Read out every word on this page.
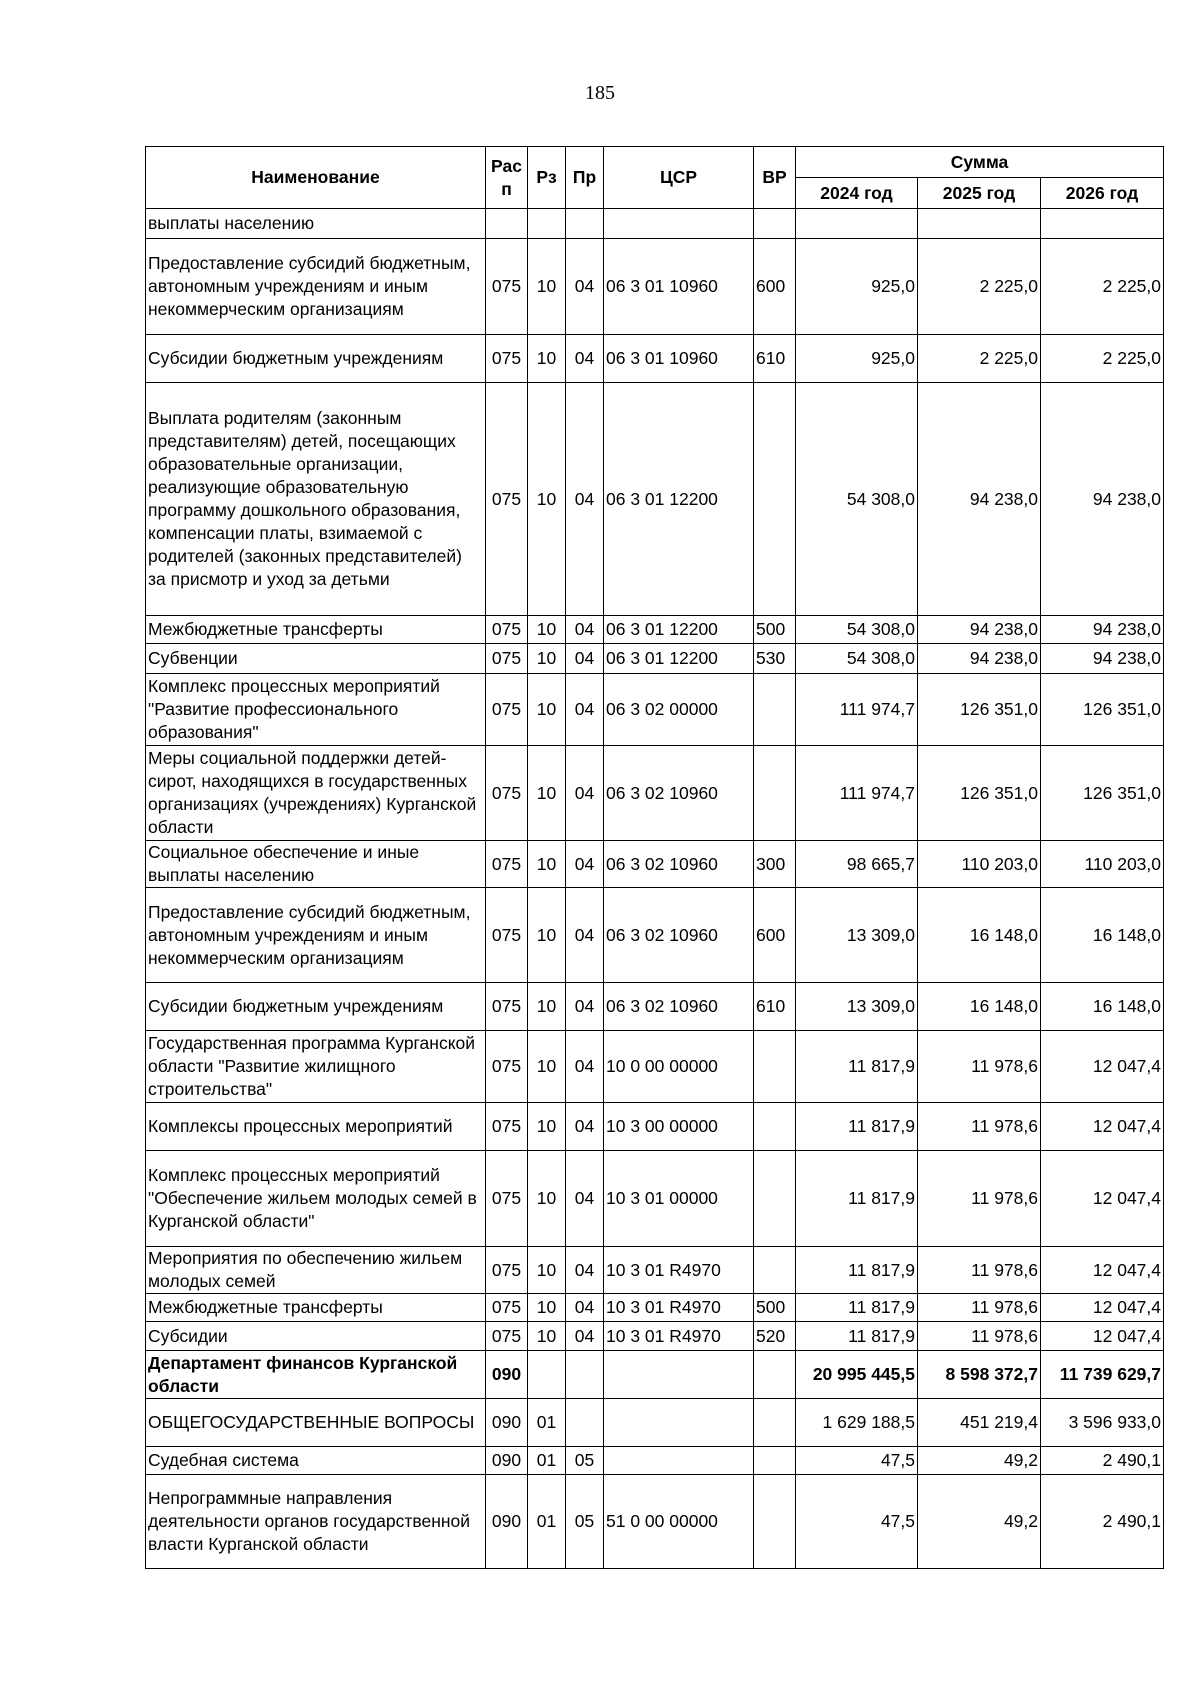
185
Наименование	Рас п	Рз	Пр	ЦСР	ВР	Сумма		
						2024 год	2025 год	2026 год
выплаты населению								
Предоставление субсидий бюджетным, автономным учреждениям и иным некоммерческим организациям	075	10	04	06 3 01 10960	600	925,0	2 225,0	2 225,0
Субсидии бюджетным учреждениям	075	10	04	06 3 01 10960	610	925,0	2 225,0	2 225,0
Выплата родителям (законным представителям) детей, посещающих образовательные организации, реализующие образовательную программу дошкольного образования, компенсации платы, взимаемой с родителей (законных представителей) за присмотр и уход за детьми	075	10	04	06 3 01 12200		54 308,0	94 238,0	94 238,0
Межбюджетные трансферты	075	10	04	06 3 01 12200	500	54 308,0	94 238,0	94 238,0
Субвенции	075	10	04	06 3 01 12200	530	54 308,0	94 238,0	94 238,0
Комплекс процессных мероприятий "Развитие профессионального образования"	075	10	04	06 3 02 00000		111 974,7	126 351,0	126 351,0
Меры социальной поддержки детей-сирот, находящихся в государственных организациях (учреждениях) Курганской области	075	10	04	06 3 02 10960		111 974,7	126 351,0	126 351,0
Социальное обеспечение и иные выплаты населению	075	10	04	06 3 02 10960	300	98 665,7	110 203,0	110 203,0
Предоставление субсидий бюджетным, автономным учреждениям и иным некоммерческим организациям	075	10	04	06 3 02 10960	600	13 309,0	16 148,0	16 148,0
Субсидии бюджетным учреждениям	075	10	04	06 3 02 10960	610	13 309,0	16 148,0	16 148,0
Государственная программа Курганской области "Развитие жилищного строительства"	075	10	04	10 0 00 00000		11 817,9	11 978,6	12 047,4
Комплексы процессных мероприятий	075	10	04	10 3 00 00000		11 817,9	11 978,6	12 047,4
Комплекс процессных мероприятий "Обеспечение жильем молодых семей в Курганской области"	075	10	04	10 3 01 00000		11 817,9	11 978,6	12 047,4
Мероприятия по обеспечению жильем молодых семей	075	10	04	10 3 01 R4970		11 817,9	11 978,6	12 047,4
Межбюджетные трансферты	075	10	04	10 3 01 R4970	500	11 817,9	11 978,6	12 047,4
Субсидии	075	10	04	10 3 01 R4970	520	11 817,9	11 978,6	12 047,4
Департамент финансов Курганской области	090					20 995 445,5	8 598 372,7	11 739 629,7
ОБЩЕГОСУДАРСТВЕННЫЕ ВОПРОСЫ	090	01				1 629 188,5	451 219,4	3 596 933,0
Судебная система	090	01	05			47,5	49,2	2 490,1
Непрограммные направления деятельности органов государственной власти Курганской области	090	01	05	51 0 00 00000		47,5	49,2	2 490,1
